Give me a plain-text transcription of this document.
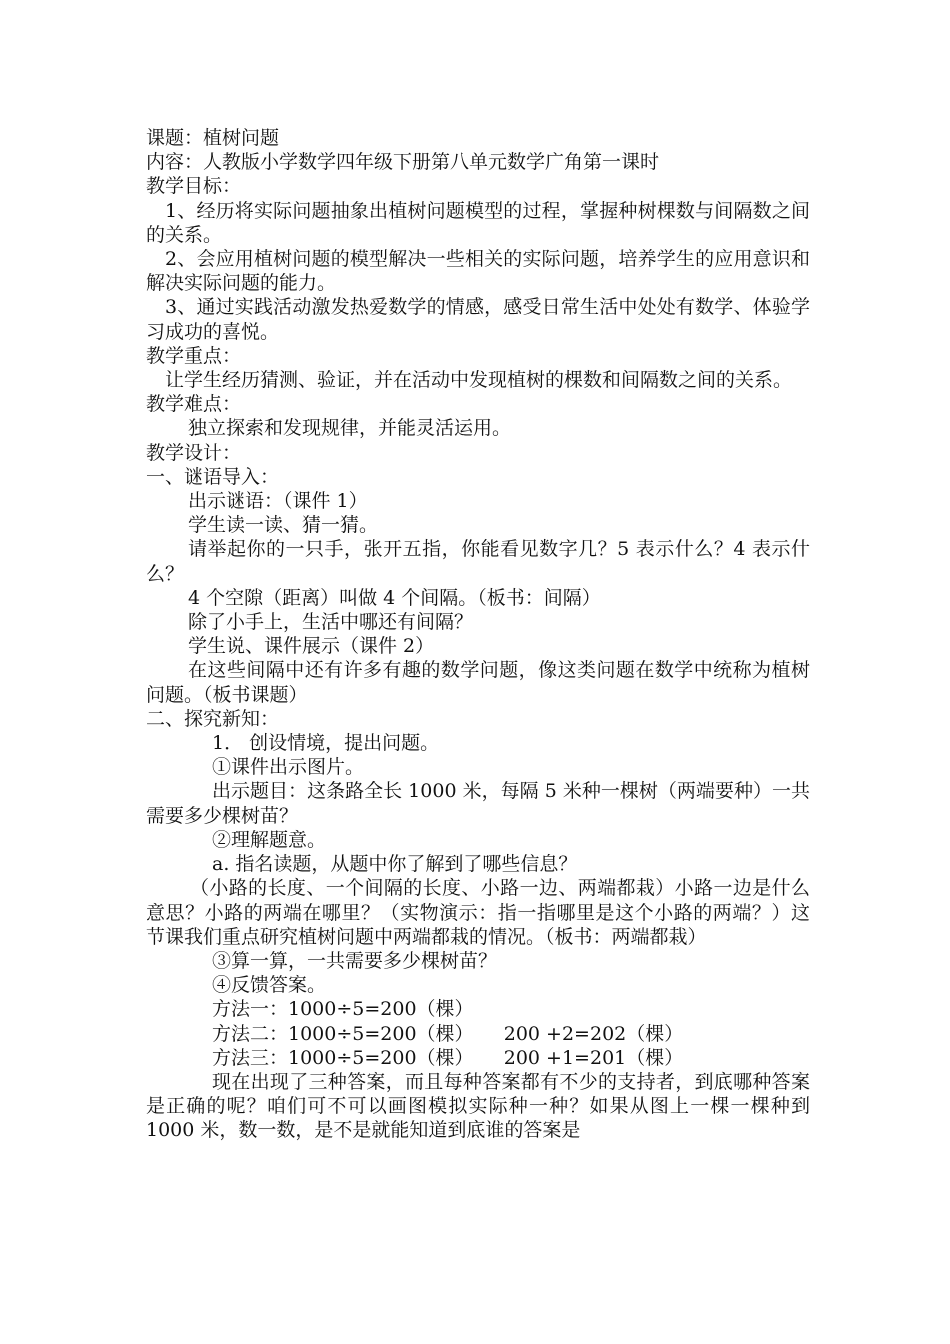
课题：植树问题

内容：人教版小学数学四年级下册第八单元数学广角第一课时

教学目标：

1、经历将实际问题抽象出植树问题模型的过程，掌握种树棵数与间隔数之间的关系。

2、会应用植树问题的模型解决一些相关的实际问题，培养学生的应用意识和解决实际问题的能力。

3、通过实践活动激发热爱数学的情感，感受日常生活中处处有数学、体验学习成功的喜悦。

教学重点：

让学生经历猜测、验证，并在活动中发现植树的棵数和间隔数之间的关系。

教学难点：

独立探索和发现规律，并能灵活运用。

教学设计：

一、谜语导入：

出示谜语：（课件 1）

学生读一读、猜一猜。

请举起你的一只手，张开五指，你能看见数字几？5 表示什么？4 表示什么？

4 个空隙（距离）叫做 4 个间隔。（板书：间隔）

除了小手上，生活中哪还有间隔？

学生说、课件展示（课件 2）

在这些间隔中还有许多有趣的数学问题，像这类问题在数学中统称为植树问题。（板书课题）

二、探究新知：

1． 创设情境，提出问题。

①课件出示图片。

出示题目：这条路全长 1000 米，每隔 5 米种一棵树（两端要种）一共需要多少棵树苗？

②理解题意。

a. 指名读题，从题中你了解到了哪些信息？

（小路的长度、一个间隔的长度、小路一边、两端都栽）小路一边是什么意思？小路的两端在哪里？（实物演示：指一指哪里是这个小路的两端？）这节课我们重点研究植树问题中两端都栽的情况。（板书：两端都栽）

③算一算，一共需要多少棵树苗？

④反馈答案。

方法一：1000÷5=200（棵）

方法二：1000÷5=200（棵）     200 +2=202（棵）

方法三：1000÷5=200（棵）     200 +1=201（棵）

现在出现了三种答案，而且每种答案都有不少的支持者，到底哪种答案是正确的呢？咱们可不可以画图模拟实际种一种？如果从图上一棵一棵种到 1000 米，数一数，是不是就能知道到底谁的答案是
